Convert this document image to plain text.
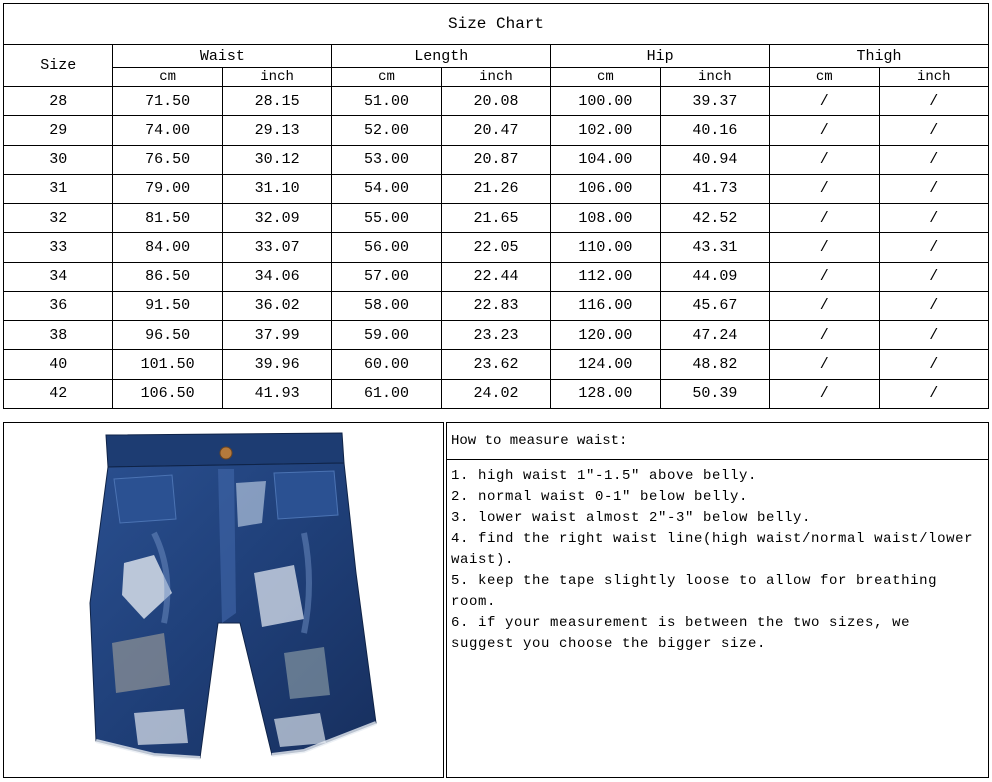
Size Chart								
Size	Waist		Length		Hip		Thigh	
	cm	inch	cm	inch	cm	inch	cm	inch
28	71.50	28.15	51.00	20.08	100.00	39.37	/	/
29	74.00	29.13	52.00	20.47	102.00	40.16	/	/
30	76.50	30.12	53.00	20.87	104.00	40.94	/	/
31	79.00	31.10	54.00	21.26	106.00	41.73	/	/
32	81.50	32.09	55.00	21.65	108.00	42.52	/	/
33	84.00	33.07	56.00	22.05	110.00	43.31	/	/
34	86.50	34.06	57.00	22.44	112.00	44.09	/	/
36	91.50	36.02	58.00	22.83	116.00	45.67	/	/
38	96.50	37.99	59.00	23.23	120.00	47.24	/	/
40	101.50	39.96	60.00	23.62	124.00	48.82	/	/
42	106.50	41.93	61.00	24.02	128.00	50.39	/	/
How to measure waist:

1. high waist 1"-1.5" above belly.

2. normal waist 0-1" below belly.

3. lower waist almost 2"-3" below belly.

4. find the right waist line(high waist/normal waist/lower waist).

5. keep the tape slightly loose to allow for breathing room.

6. if your measurement is between the two sizes, we suggest you choose the bigger size.
